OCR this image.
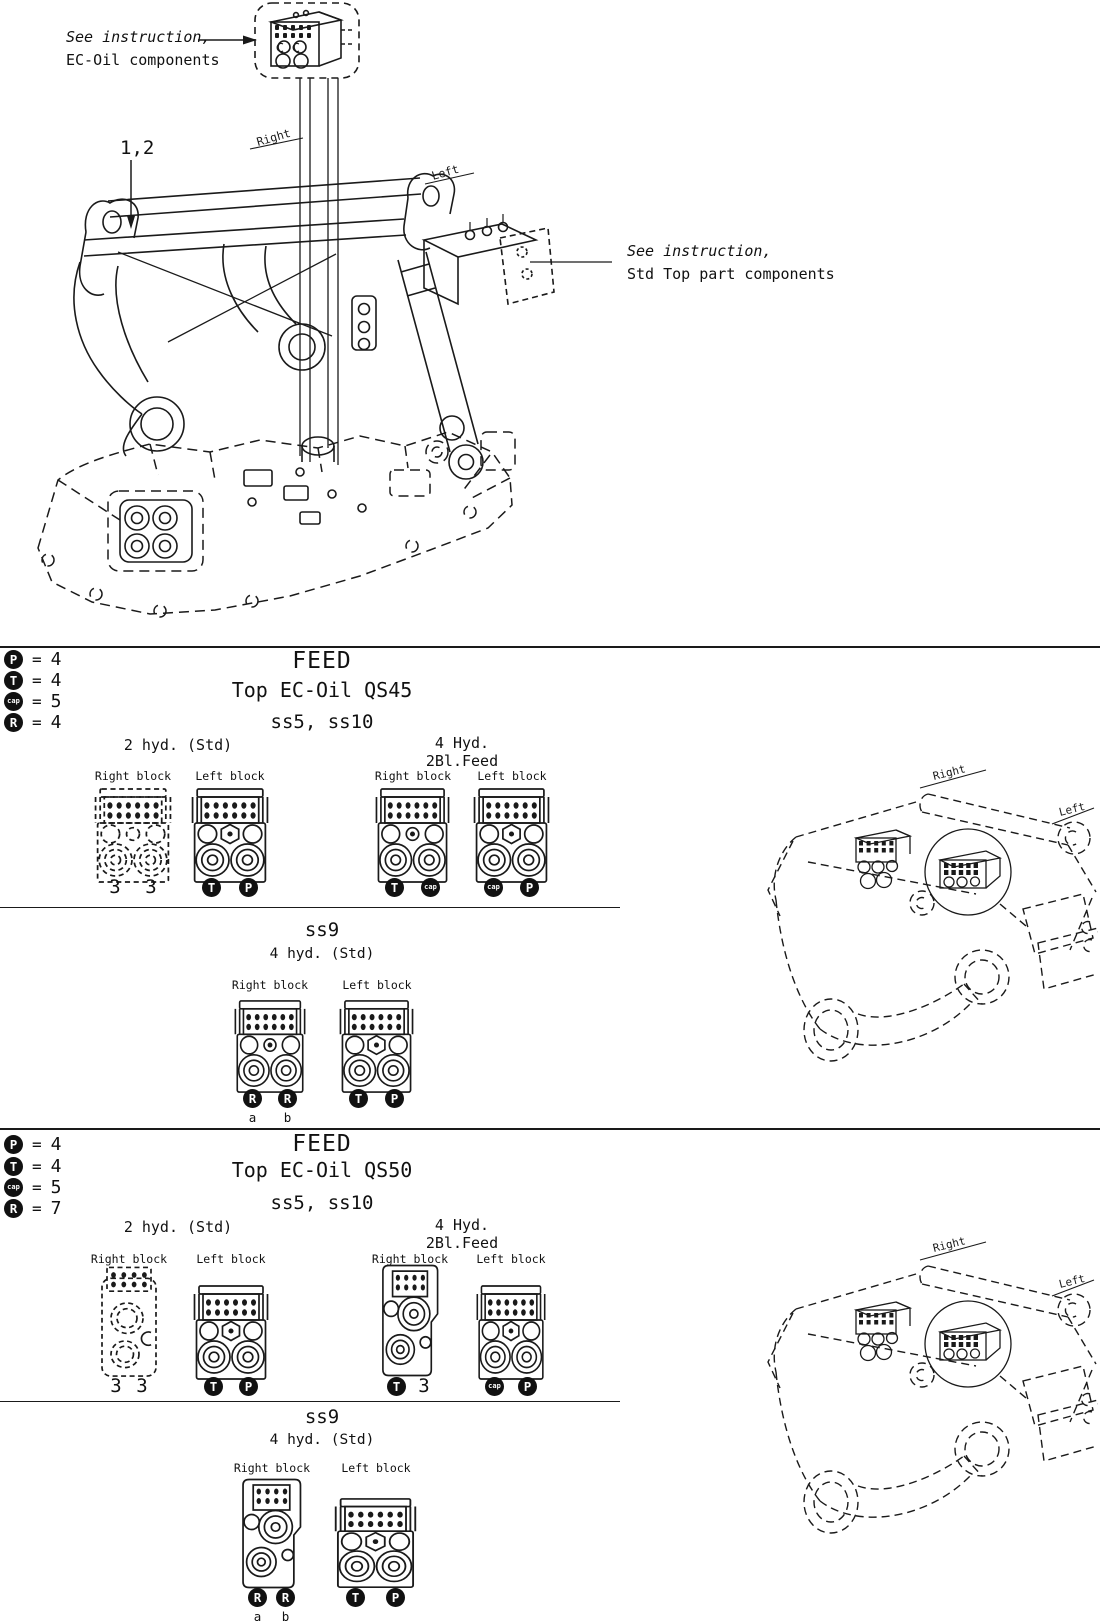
Right
Left
See instruction,
EC-Oil components
See instruction,
Std Top part components
1,2
P = 4
T = 4
cap = 5
R = 4
FEED
Top EC-Oil QS45
ss5, ss10
2 hyd. (Std)	4 Hyd.
2Bl.Feed
Right block
3	3
Left block
T	P
Right block
T	cap
Left block
cap	P
ss9
4 hyd. (Std)
Right block	Left block
R
a
R
b
T	P
Right
Left
P = 4
T = 4
cap = 5
R = 7
FEED
Top EC-Oil QS50
ss5, ss10
2 hyd. (Std)	4 Hyd.
2Bl.Feed
Right block
3 3
Left block
T	P
Right block
T 3
Left block
cap	P
ss9
4 hyd. (Std)
Right block	Left block
R
a
R
b
T	P
Right
Left
